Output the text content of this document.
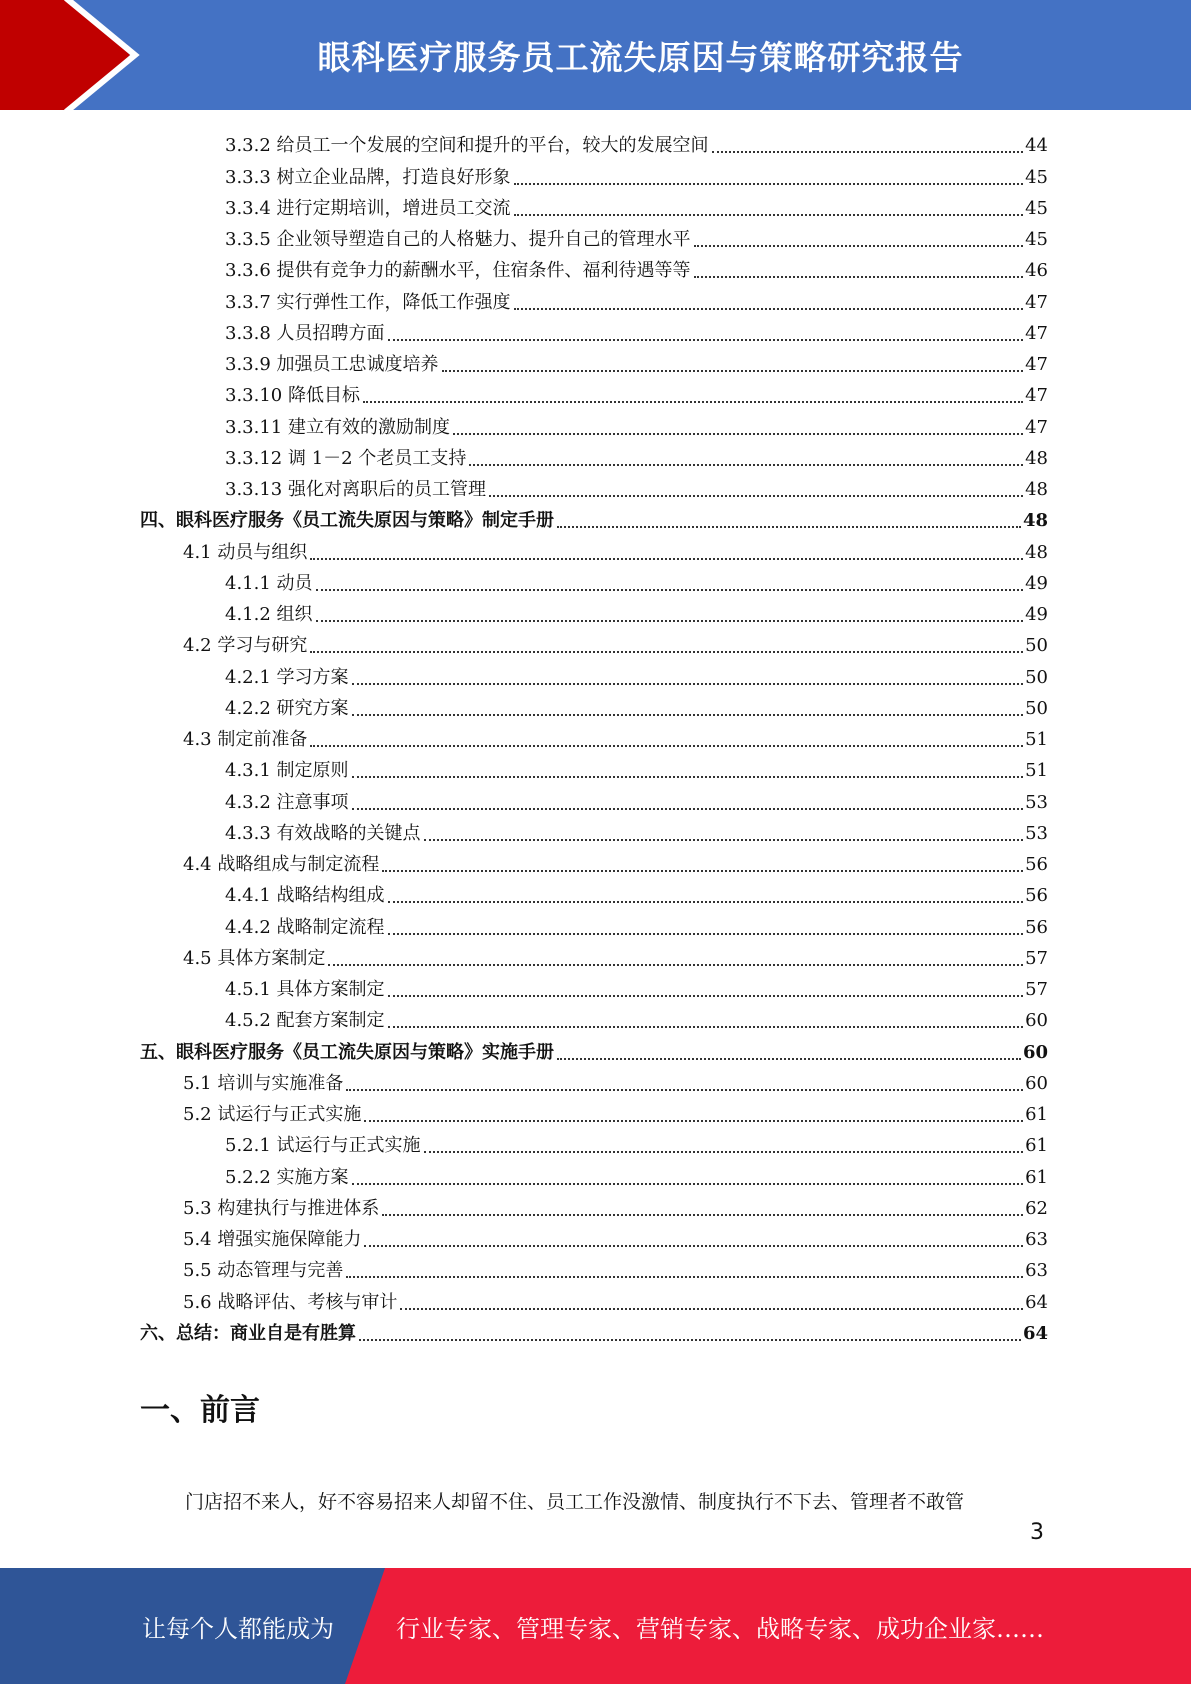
眼科医疗服务员工流失原因与策略研究报告
3.3.2 给员工一个发展的空间和提升的平台，较大的发展空间	44
3.3.3 树立企业品牌，打造良好形象	45
3.3.4 进行定期培训，增进员工交流	45
3.3.5 企业领导塑造自己的人格魅力、提升自己的管理水平	45
3.3.6 提供有竞争力的薪酬水平，住宿条件、福利待遇等等	46
3.3.7 实行弹性工作，降低工作强度	47
3.3.8 人员招聘方面	47
3.3.9 加强员工忠诚度培养	47
3.3.10 降低目标	47
3.3.11 建立有效的激励制度	47
3.3.12 调 1－2 个老员工支持	48
3.3.13 强化对离职后的员工管理	48
四、眼科医疗服务《员工流失原因与策略》制定手册	48
4.1 动员与组织	48
4.1.1 动员	49
4.1.2 组织	49
4.2 学习与研究	50
4.2.1 学习方案	50
4.2.2 研究方案	50
4.3 制定前准备	51
4.3.1 制定原则	51
4.3.2 注意事项	53
4.3.3 有效战略的关键点	53
4.4 战略组成与制定流程	56
4.4.1 战略结构组成	56
4.4.2 战略制定流程	56
4.5 具体方案制定	57
4.5.1 具体方案制定	57
4.5.2 配套方案制定	60
五、眼科医疗服务《员工流失原因与策略》实施手册	60
5.1 培训与实施准备	60
5.2 试运行与正式实施	61
5.2.1 试运行与正式实施	61
5.2.2 实施方案	61
5.3 构建执行与推进体系	62
5.4 增强实施保障能力	63
5.5 动态管理与完善	63
5.6 战略评估、考核与审计	64
六、总结：商业自是有胜算	64
一、前言
门店招不来人，好不容易招来人却留不住、员工工作没激情、制度执行不下去、管理者不敢管
3
让每个人都能成为	行业专家、管理专家、营销专家、战略专家、成功企业家……
